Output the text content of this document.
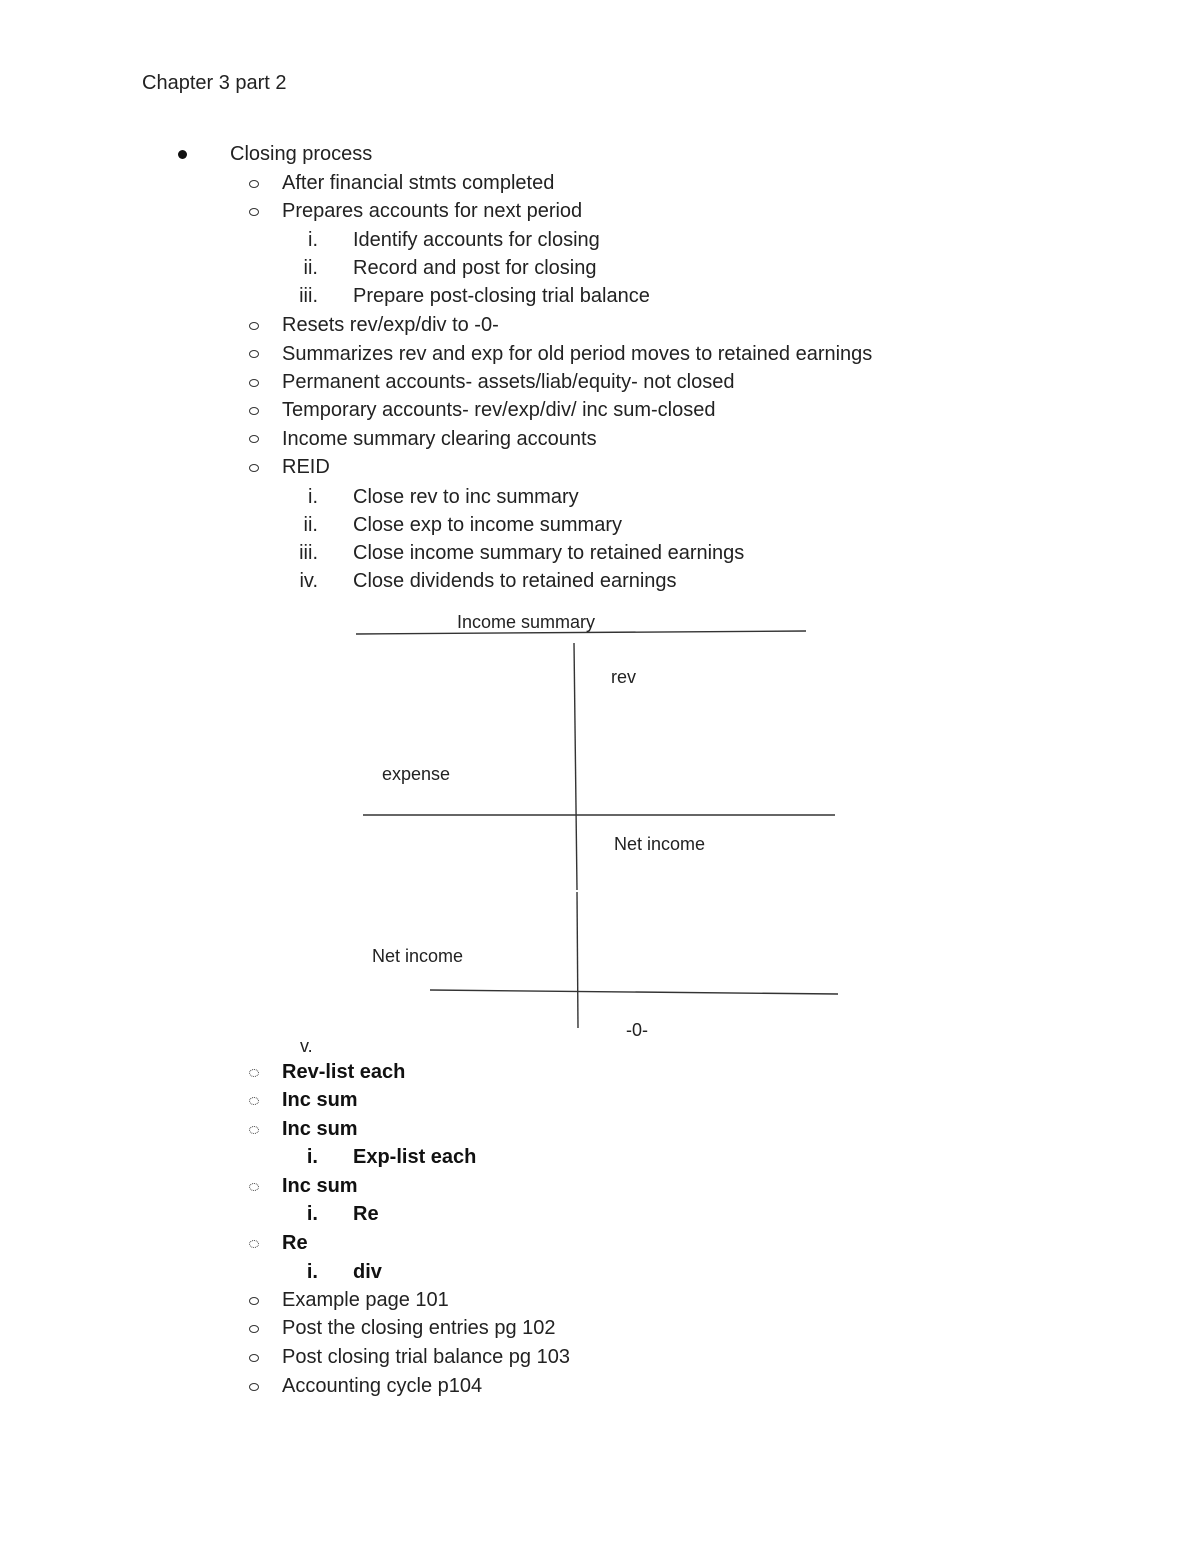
Chapter 3 part 2
Closing process
After financial stmts completed
Prepares accounts for next period
i. Identify accounts for closing
ii. Record and post for closing
iii. Prepare post-closing trial balance
Resets rev/exp/div to -0-
Summarizes rev and exp for old period moves to retained earnings
Permanent accounts- assets/liab/equity- not closed
Temporary accounts- rev/exp/div/ inc sum-closed
Income summary clearing accounts
REID
i. Close rev to inc summary
ii. Close exp to income summary
iii. Close income summary to retained earnings
iv. Close dividends to retained earnings
Income summary
rev
expense
Net income
Net income
-0-
v.
Rev-list each
Inc sum
Inc sum
i. Exp-list each
Inc sum
i. Re
Re
i. div
Example page 101
Post the closing entries pg 102
Post closing trial balance pg 103
Accounting cycle p104
